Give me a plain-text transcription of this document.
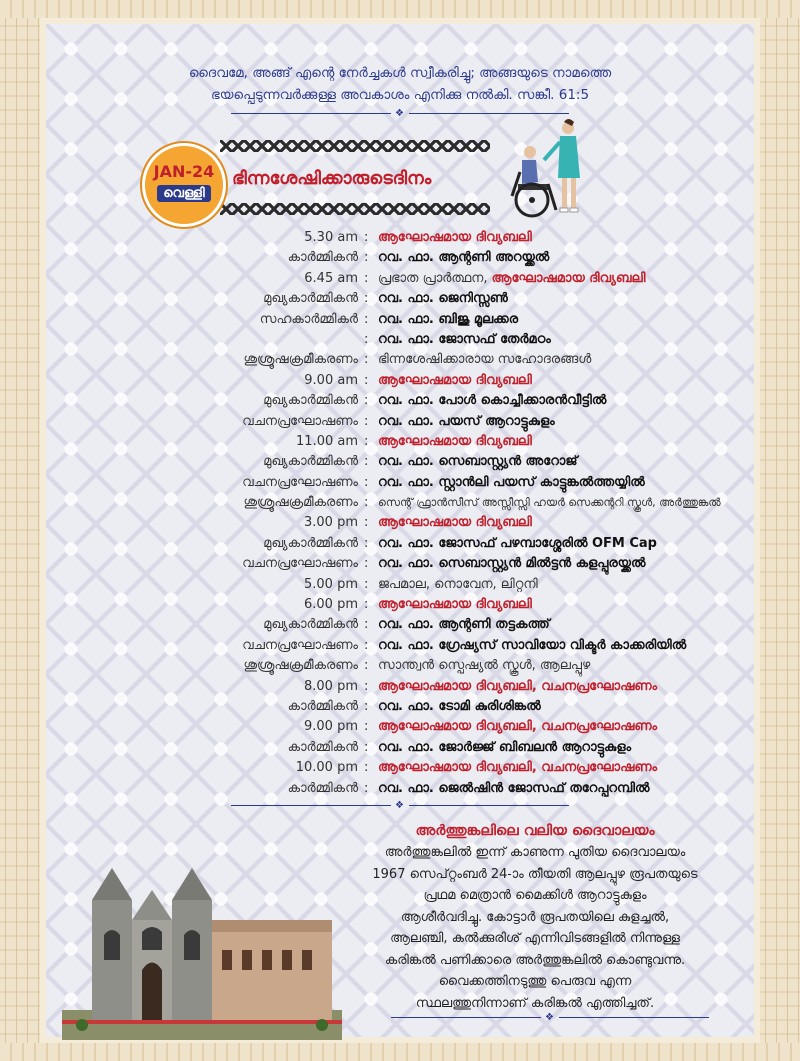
ദൈവമേ, അങ്ങ് എന്റെ നേർച്ചകൾ സ്വീകരിച്ചു; അങ്ങയുടെ നാമത്തെ
ഭയപ്പെടുന്നവർക്കുള്ള അവകാശം എനിക്കു നൽകി. സങ്കീ. 61:5
❖
JAN-24
വെള്ളി
ഭിന്നശേഷിക്കാരുടെദിനം
5.30 am : ആഘോഷമായ ദിവ്യബലി
കാർമ്മികൻ : റവ. ഫാ. ആന്റണി അറയ്ക്കൽ
6.45 am : പ്രഭാത പ്രാർത്ഥന, ആഘോഷമായ ദിവ്യബലി
മുഖ്യകാർമ്മികൻ : റവ. ഫാ. ജെനിസ്സൺ
സഹകാർമ്മികർ : റവ. ഫാ. ബിജു മൂലക്കര
: റവ. ഫാ. ജോസഫ് തേർമഠം
ശുശ്രൂഷക്രമീകരണം : ഭിന്നശേഷിക്കാരായ സഹോദരങ്ങൾ
9.00 am : ആഘോഷമായ ദിവ്യബലി
മുഖ്യകാർമ്മികൻ : റവ. ഫാ. പോൾ കൊച്ചീക്കാരൻവീട്ടിൽ
വചനപ്രഘോഷണം : റവ. ഫാ. പയസ് ആറാട്ടുകുളം
11.00 am : ആഘോഷമായ ദിവ്യബലി
മുഖ്യകാർമ്മികൻ : റവ. ഫാ. സെബാസ്റ്റ്യൻ അറോജ്
വചനപ്രഘോഷണം : റവ. ഫാ. സ്റ്റാൻലി പയസ് കാട്ടുങ്കൽത്തയ്യിൽ
ശുശ്രൂഷക്രമീകരണം : സെന്റ് ഫ്രാൻസീസ് അസ്സീസ്സി ഹയർ സെക്കന്ററി സ്കൂൾ, അർത്തുങ്കൽ
3.00 pm : ആഘോഷമായ ദിവ്യബലി
മുഖ്യകാർമ്മികൻ : റവ. ഫാ. ജോസഫ് പഴമ്പാശ്ശേരിൽ OFM Cap
വചനപ്രഘോഷണം : റവ. ഫാ. സെബാസ്റ്റ്യൻ മിൽട്ടൻ കളപ്പുരയ്ക്കൽ
5.00 pm : ജപമാല, നൊവേന, ലിറ്റനി
6.00 pm : ആഘോഷമായ ദിവ്യബലി
മുഖ്യകാർമ്മികൻ : റവ. ഫാ. ആന്റണി തട്ടകത്ത്
വചനപ്രഘോഷണം : റവ. ഫാ. ഗ്രേഷ്യസ് സാവിയോ വിക്ടർ കാക്കരിയിൽ
ശുശ്രൂഷക്രമീകരണം : സാന്ത്വൻ സ്പെഷ്യൽ സ്കൂൾ, ആലപ്പുഴ
8.00 pm : ആഘോഷമായ ദിവ്യബലി, വചനപ്രഘോഷണം
കാർമ്മികൻ : റവ. ഫാ. ടോമി കുരിശിങ്കൽ
9.00 pm : ആഘോഷമായ ദിവ്യബലി, വചനപ്രഘോഷണം
കാർമ്മികൻ : റവ. ഫാ. ജോർജ്ജ് ബിബലൻ ആറാട്ടുകുളം
10.00 pm : ആഘോഷമായ ദിവ്യബലി, വചനപ്രഘോഷണം
കാർമ്മികൻ : റവ. ഫാ. ജെൽഷിൻ ജോസഫ് തറേപ്പറമ്പിൽ
❖
അർത്തുങ്കലിലെ വലിയ ദൈവാലയം
അർത്തുങ്കലിൽ ഇന്ന് കാണുന്ന പുതിയ ദൈവാലയം
1967 സെപ്റ്റംബർ 24-ാം തീയതി ആലപ്പുഴ രൂപതയുടെ
പ്രഥമ മെത്രാൻ മൈക്കിൾ ആറാട്ടുകുളം
ആശീർവദിച്ചു. കോട്ടാർ രൂപതയിലെ കുളച്ചൽ,
ആലഞ്ചി, കൽക്കുരിശ് എന്നിവിടങ്ങളിൽ നിന്നുള്ള
കരിങ്കൽ പണിക്കാരെ അർത്തുങ്കലിൽ കൊണ്ടുവന്നു.
വൈക്കത്തിനടുത്തു പെരുവ എന്ന
സ്ഥലത്തുനിന്നാണ് കരിങ്കൽ എത്തിച്ചത്.
❖
